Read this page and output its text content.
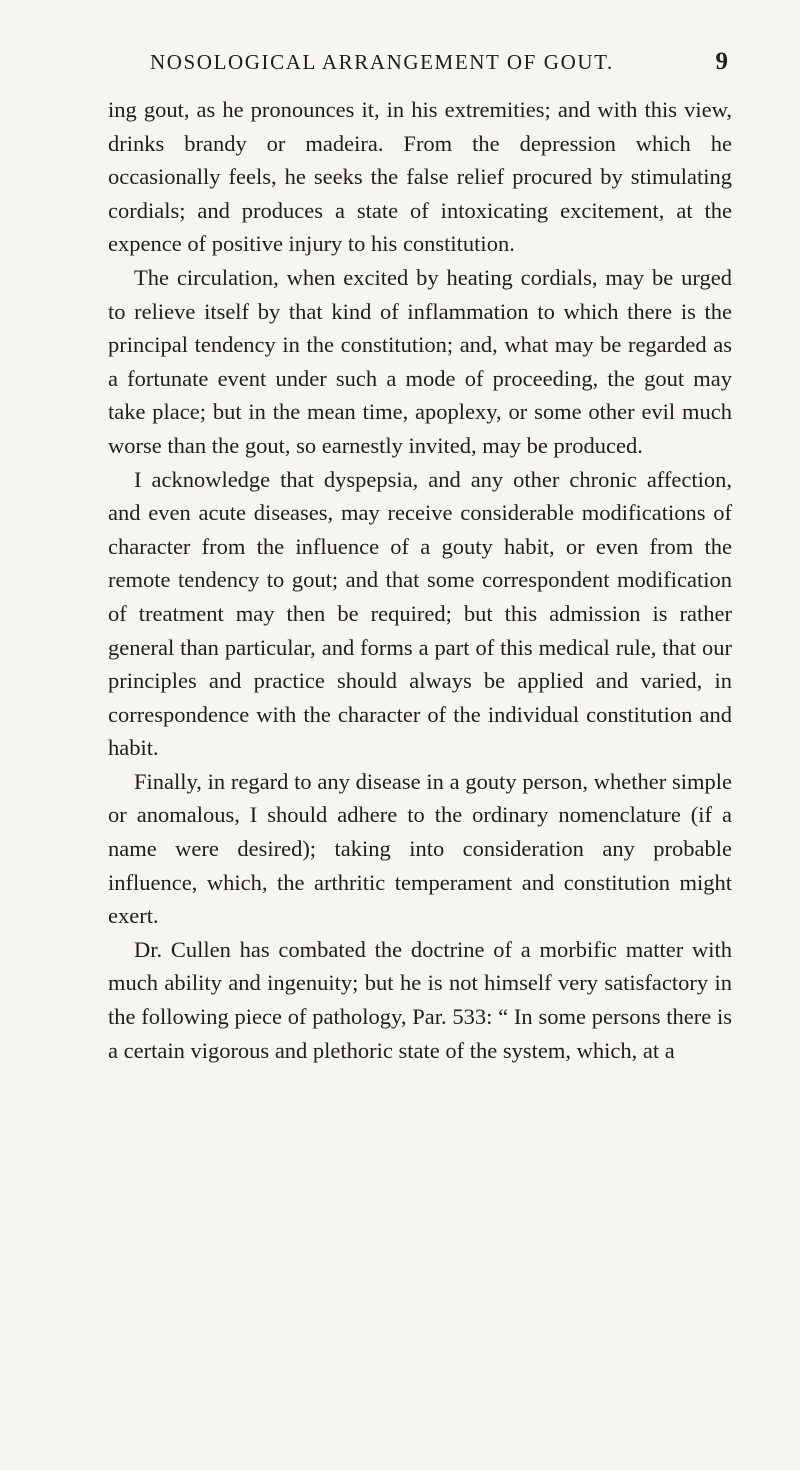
NOSOLOGICAL ARRANGEMENT OF GOUT.	9

ing gout, as he pronounces it, in his extremities; and with this view, drinks brandy or madeira. From the depression which he occasionally feels, he seeks the false relief procured by stimulating cordials; and produces a state of intoxicating excitement, at the expence of positive injury to his constitution.

The circulation, when excited by heating cordials, may be urged to relieve itself by that kind of inflammation to which there is the principal tendency in the constitution; and, what may be regarded as a fortunate event under such a mode of proceeding, the gout may take place; but in the mean time, apoplexy, or some other evil much worse than the gout, so earnestly invited, may be produced.

I acknowledge that dyspepsia, and any other chronic affection, and even acute diseases, may receive considerable modifications of character from the influence of a gouty habit, or even from the remote tendency to gout; and that some correspondent modification of treatment may then be required; but this admission is rather general than particular, and forms a part of this medical rule, that our principles and practice should always be applied and varied, in correspondence with the character of the individual constitution and habit.

Finally, in regard to any disease in a gouty person, whether simple or anomalous, I should adhere to the ordinary nomenclature (if a name were desired); taking into consideration any probable influence, which, the arthritic temperament and constitution might exert.

Dr. Cullen has combated the doctrine of a morbific matter with much ability and ingenuity; but he is not himself very satisfactory in the following piece of pathology, Par. 533: “ In some persons there is a certain vigorous and plethoric state of the system, which, at a
